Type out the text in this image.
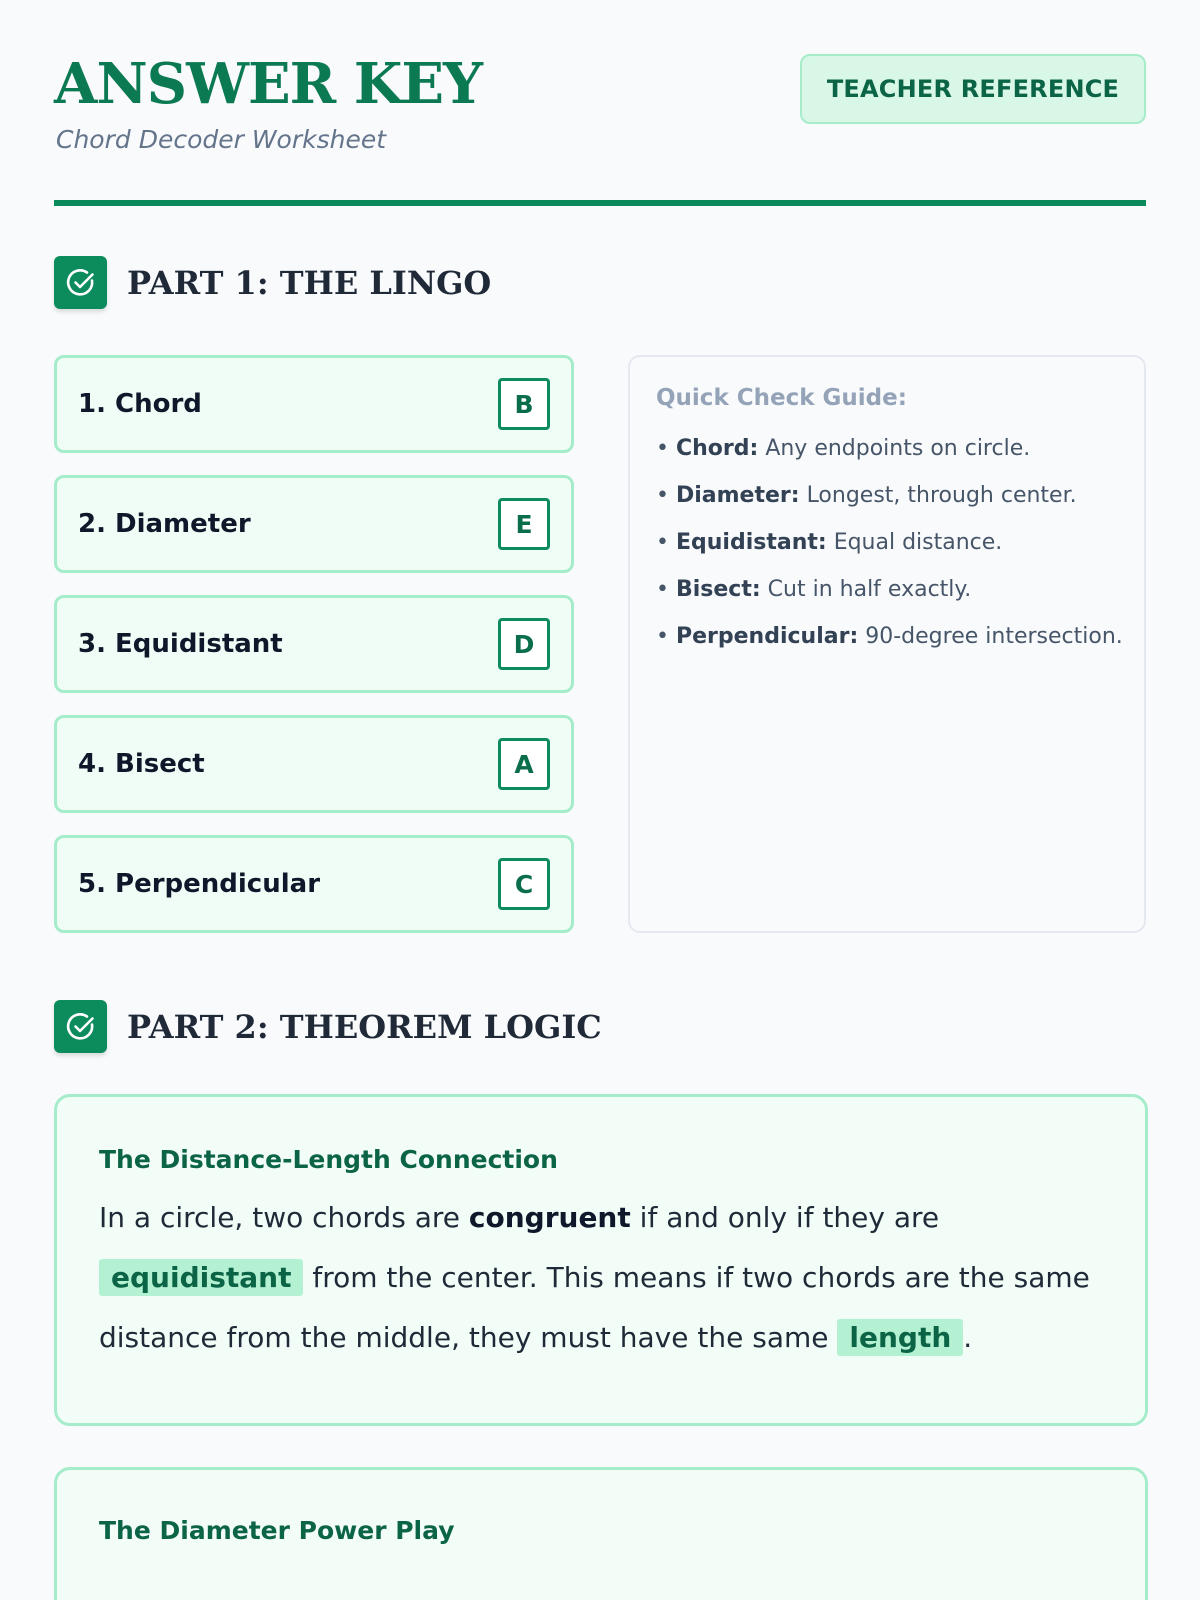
ANSWER KEY
Chord Decoder Worksheet
TEACHER REFERENCE
PART 1: THE LINGO
1. Chord	B
2. Diameter	E
3. Equidistant	D
4. Bisect	A
5. Perpendicular	C
Quick Check Guide:
• Chord: Any endpoints on circle.
• Diameter: Longest, through center.
• Equidistant: Equal distance.
• Bisect: Cut in half exactly.
• Perpendicular: 90-degree intersection.
PART 2: THEOREM LOGIC
The Distance-Length Connection

In a circle, two chords are congruent if and only if they are equidistant from the center. This means if two chords are the same distance from the middle, they must have the same length .

The Diameter Power Play
